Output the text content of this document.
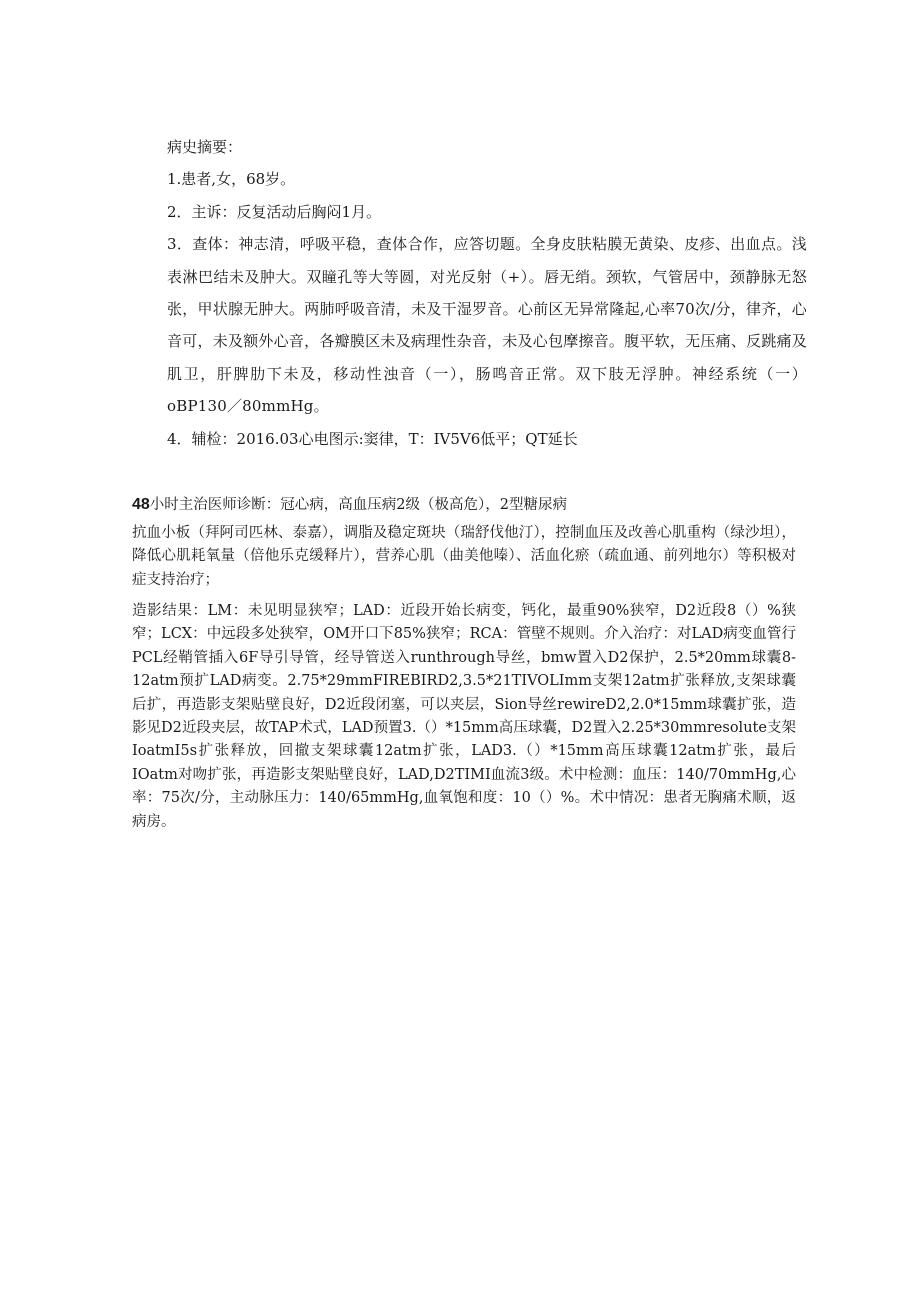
病史摘要：

1.患者,女，68岁。

2．主诉：反复活动后胸闷1月。

3．查体：神志清，呼吸平稳，查体合作，应答切题。全身皮肤粘膜无黄染、皮疹、出血点。浅表淋巴结未及肿大。双瞳孔等大等圆，对光反射（+）。唇无绡。颈软，气管居中，颈静脉无怒张，甲状腺无肿大。两肺呼吸音清，未及干湿罗音。心前区无异常隆起,心率70次/分，律齐，心音可，未及额外心音，各瓣膜区未及病理性杂音，未及心包摩擦音。腹平软，无压痛、反跳痛及肌卫，肝脾肋下未及，移动性浊音（一），肠鸣音正常。双下肢无浮肿。神经系统（一）oBP130／80mmHg。

4．辅检：2016.03心电图示:窦律，T：IV5V6低平；QT延长

48小时主治医师诊断：冠心病，高血压病2级（极高危），2型糖尿病

抗血小板（拜阿司匹林、泰嘉），调脂及稳定斑块（瑞舒伐他汀），控制血压及改善心肌重构（绿沙坦），降低心肌耗氧量（倍他乐克缓释片），营养心肌（曲美他嗪）、活血化瘀（疏血通、前列地尔）等积极对症支持治疗；

造影结果：LM：未见明显狭窄；LAD：近段开始长病变，钙化，最重90%狭窄，D2近段8（）%狭窄；LCX：中远段多处狭窄，OM开口下85%狭窄；RCA：管壁不规则。介入治疗：对LAD病变血管行PCL经鞘管插入6F导引导管，经导管送入runthrough导丝，bmw置入D2保护，2.5*20mm球囊8-12atm预扩LAD病变。2.75*29mmFIREBIRD2,3.5*21TIVOLImm支架12atm扩张释放,支架球囊后扩，再造影支架贴壁良好，D2近段闭塞，可以夹层，Sion导丝rewireD2,2.0*15mm球囊扩张，造影见D2近段夹层，故TAP术式，LAD预置3.（）*15mm高压球囊，D2置入2.25*30mmresolute支架IoatmI5s扩张释放，回撤支架球囊12atm扩张，LAD3.（）*15mm高压球囊12atm扩张，最后IOatm对吻扩张，再造影支架贴壁良好，LAD,D2TIMI血流3级。术中检测：血压：140/70mmHg,心率：75次/分，主动脉压力：140/65mmHg,血氧饱和度：10（）%。术中情况：患者无胸痛术顺，返病房。
